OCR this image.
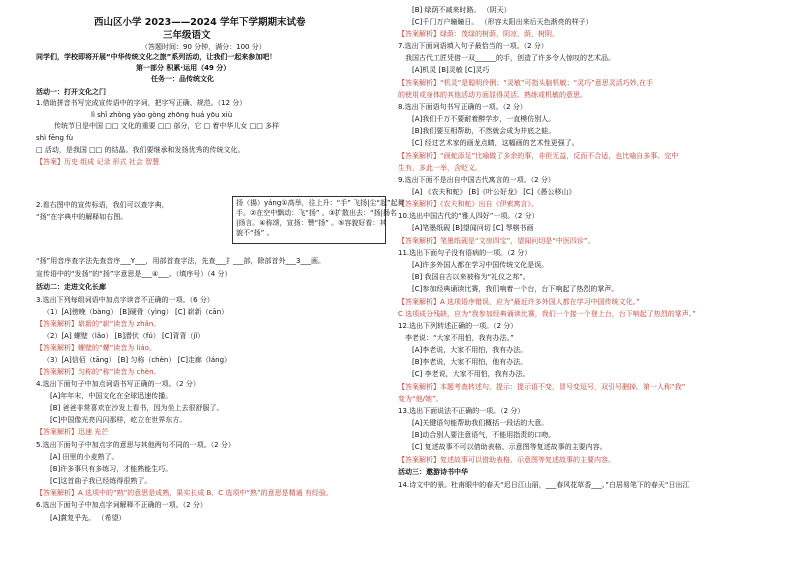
西山区小学 2023——2024 学年下学期期末试卷
三年级语文
（答题时间：90 分钟，满分：100 分）
同学们，学校即将开展“中华传统文化之旅”系列活动，让我们一起来参加吧！
第一部分 积累·运用（49 分）
任务一：品传统文化
活动一：打开文化之门
1.借助拼音书写完成宣传语中的字词，把字写正确、规范。（12 分）
lì shǐ zhòng yào gòng zhōng huá yōu xiù
传统节日是中国 □□ 文化的重要 □□ 部分，它 □ 着中华儿女 □□ 多样
shì fēng fù
□ 活动，是我国 □□ 的结晶。我们要继承和发扬优秀的传统文化。
【答案】历史 组成 记录 形式 社会 智慧
2.看右图中的宣传标语，我们可以查字典，
“扬”在字典中的解释如右图。
“扬”用音序查字法先查音序___Y___，用部首查字法，先查___扌___部，除部首外___3___画。
宣传语中的“发扬”的“扬”字意思是___④___。（填序号）（4 分）
活动二：走进文化长廊
3.选出下列每组词语中加点字读音不正确的一项。（6 分）
（1）[A]傍晚（bàng） [B]硬骨（yìng） [C] 崭新（cān）
【答案解析】崭新的“崭”读音为 zhǎn。
（2）[A] 螺壁（lǎo） [B]潜伏（fú） [C]背背（jǐ）
【答案解析】螺壁的“螺”读音为 liáo。
（3）[A]信佰（tāng） [B] 匀称（chèn） [C]走廊（láng）
【答案解析】匀称的“称”读音为 chèn。
4.选出下面句子中加点词语书写正确的一项。（2 分）
[A]年年末，中国文化在全球迅速传播。
[B] 爸爸非常喜欢在沙发上看书，因为坐上去很舒服了。
[C]中国像光亮闪闪那样，屹立在世界东方。
【答案解析】迅速 光芒
5.选出下面句子中加点字的意思与其他两句不同的一项。（2 分）
[A] 田里的小麦熟了。
[B]许多事只有多练习，才能熟能生巧。
[C]这首曲子我已经练得很熟了。
【答案解析】A 选项中的“熟”的意思是成熟，果实长成 B、C 选项中“熟”的意思是精通 有经验。
6.选出下面句子中加点字词解释不正确的一项。（2 分）
[A]賞复乎先。 （希望）
[B] 绿荫不减来时路。 （阴天）
[C]千门万户瞳瞳日。 （形容太阳出来后天色渐亮的样子）
【答案解析】绿荫：茂绿的树荫，阴凉，荫，树阴。
7.选出下面词语填入句子最恰当的一项。（2 分）
我国古代工匠凭借一双______的手，创造了许多令人惊叹的艺术品。
[A]机灵 [B]灵敏 [C]灵巧
【答案解析】“机灵”是聪明伶俐；“灵敏”可指头脑机敏；“灵巧”意思灵活巧妙,在手
的使用或身体的其他活动方面显得灵活、熟练或机敏的意思。
8.选出下面语句书写正确的一项。（2 分）
[A]我们千万不要耐着醉学步，一直模仿别人。
[B]我们要互相帮助，不然就会成为井底之蛙。
[C] 经过艺术家的画龙点睛，这幅画的艺术性更强了。
【答案解析】“画蛇添足”比喻做了多余的事，非但无益，反而不合适，也比喻自多事。完中
生有，多此一举，含贬义。
9.选出下面不是出自中国古代寓言的一项。（2 分）
[A] 《农夫和蛇》 [B]《叶公好龙》 [C]《愚公移山》
【答案解析】《农夫和蛇》出自《伊索寓言》。
10.选出中国古代的“雅人四好”一项。（2 分）
[A]笔墨纸砚 [B]望闻问切 [C] 琴棋书画
【答案解析】笔墨纸砚是“文房四宝”，望闻问切是“中医四诊”。
11.选出下面句子没有语病的一项。（2 分）
[A]许多外国人都在学习中国传统文化是误。
[B] 我国自古以来被称为“礼仪之邦”。
[C]参加经典诵读比赛，我们响着一个台，台下响起了热烈的掌声。
【答案解析】A 选项语序错误，应为“最近许多外国人都在学习中国传统文化。”
C 选项成分残缺，应为“我参加经典诵读比赛，我们一个接一个登上台，台下响起了热烈的掌声。”
12.选出下列转述正确的一项。（2 分）
李老说：“大家不用怕，我有办法。”
[A]李老说，大家不用怕，我有办法。
[B]李老说，大家不用怕，他有办法。
[C] 李老说，大家不用怕，我有办法。
【答案解析】本题考查转述句。提示：提示语不变，冒号变逗号，双引号删掉。第一人称“我”
变为“他/她”。
13.选出下面说法不正确的一项。（2 分）
[A]关键语句能帮助我们概括一段话的大意。
[B]动合别人要注意语气，不能用指责的口吻。
[C] 复述故事不可以借助表格、示意图等复述故事的主要内容。
【答案解析】复述故事可以借助表格、示意图等复述故事的主要内容。
活动三：邀游诗书中华
14.诗文中的景。杜甫眼中的春天“迟日江山丽，___春风花草香___。”白居易笔下的春天“日出江
扬（揚）yáng①高举，往上升：“手” 飞扬|尘“起”起舞
手。②在空中飘动：飞“扬” 。③扩散出去：“扬|扬名
|扬言。④称颂，宣扬：赞“扬” 。⑤容貌好看：其
貌不“扬” 。
